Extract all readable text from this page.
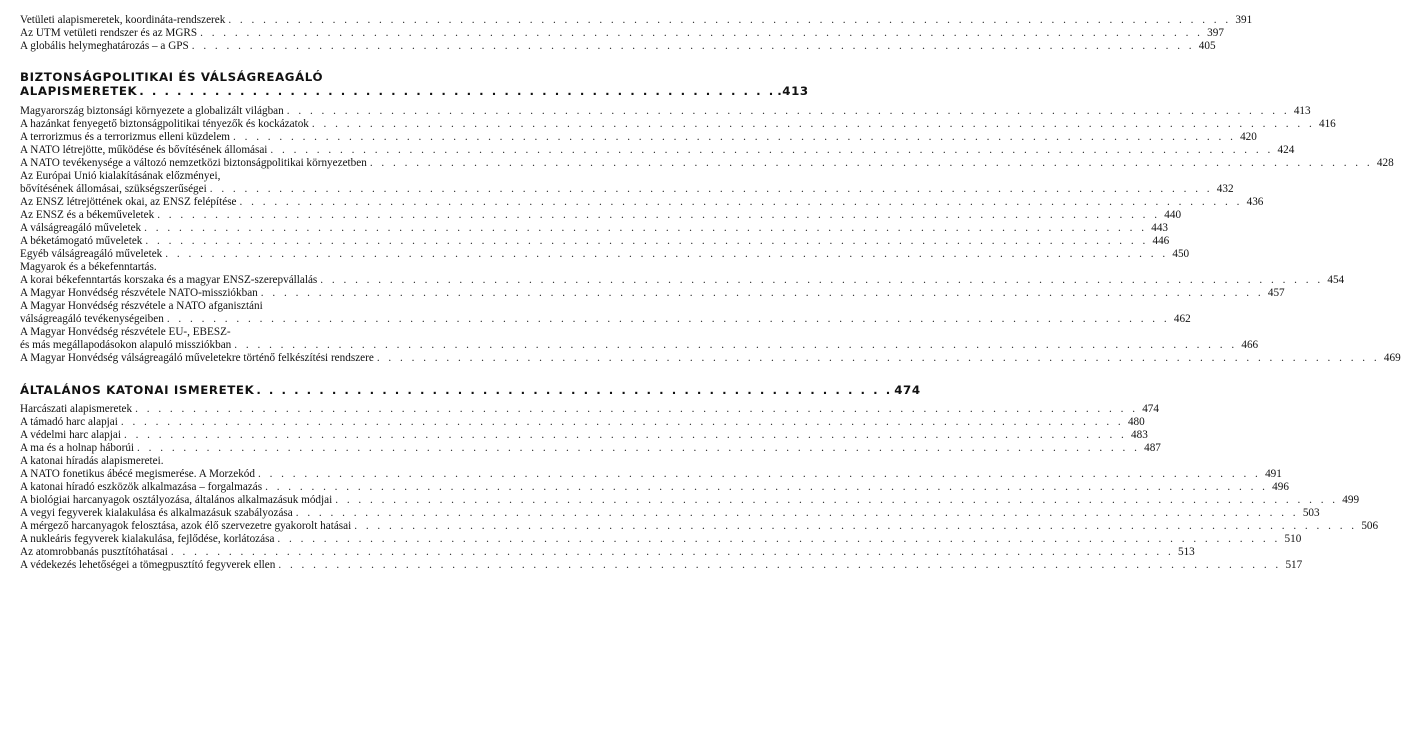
Vetületi alapismeretek, koordináta-rendszerek . . .	391
Az UTM vetületi rendszer és az MGRS . . .	397
A globális helymeghatározás – a GPS . . .	405
BIZTONSÁGPOLITIKAI ÉS VÁLSÁGREAGÁLÓ
ALAPISMERETEK . . .	.413
Magyarország biztonsági környezete a globalizált világban . . .	413
A hazánkat fenyegető biztonságpolitikai tényezők és kockázatok . . .	416
A terrorizmus és a terrorizmus elleni küzdelem . . .	420
A NATO létrejötte, működése és bővítésének állomásai . . .	424
A NATO tevékenysége a változó nemzetközi biztonságpolitikai környezetben . . .	428
Az Európai Unió kialakításának előzményei,
bővítésének állomásai, szükségszerűségei . . .	432
Az ENSZ létrejöttének okai, az ENSZ felépítése . . .	436
Az ENSZ és a békeműveletek . . .	440
A válságreagáló műveletek . . .	443
A béketámogató műveletek . . .	446
Egyéb válságreagáló műveletek . . .	450
Magyarok és a békefenntartás.
A korai békefenntartás korszaka és a magyar ENSZ-szerepvállalás . . .	454
A Magyar Honvédség részvétele NATO-missziókban . . .	457
A Magyar Honvédség részvétele a NATO afganisztáni
válságreagáló tevékenységeiben . . .	462
A Magyar Honvédség részvétele EU-, EBESZ-
és más megállapodásokon alapuló missziókban . . .	466
A Magyar Honvédség válságreagáló műveletekre történő felkészítési rendszere . . .	469
ÁLTALÁNOS KATONAI ISMERETEK . . .	474
Harcászati alapismeretek . . .	474
A támadó harc alapjai . . .	480
A védelmi harc alapjai . . .	483
A ma és a holnap háborúi . . .	487
A katonai híradás alapismeretei.
A NATO fonetikus ábécé megismerése. A Morzekód . . .	491
A katonai híradó eszközök alkalmazása – forgalmazás . . .	496
A biológiai harcanyagok osztályozása, általános alkalmazásuk módjai . . .	499
A vegyi fegyverek kialakulása és alkalmazásuk szabályozása . . .	503
A mérgező harcanyagok felosztása, azok élő szervezetre gyakorolt hatásai . . .	506
A nukleáris fegyverek kialakulása, fejlődése, korlátozása . . .	510
Az atomrobbanás pusztítóhatásai . . .	513
A védekezés lehetőségei a tömegpusztító fegyverek ellen . . .	517
